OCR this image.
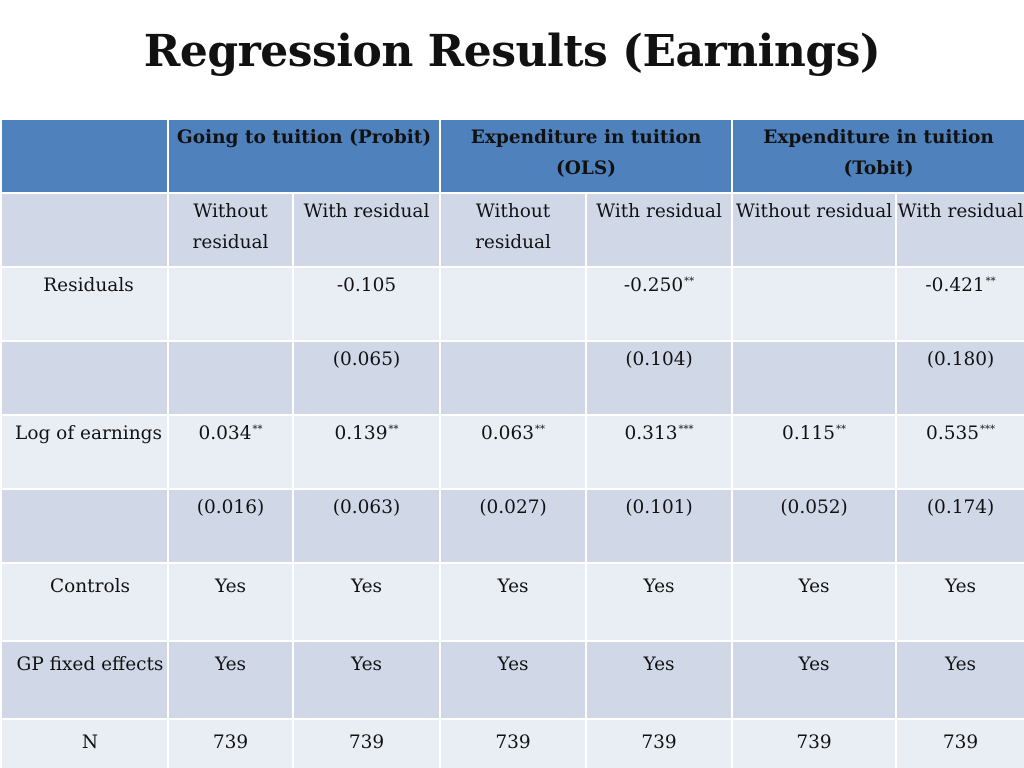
Regression Results (Earnings)
	Going to tuition (Probit)		Expenditure in tuition (OLS)		Expenditure in tuition (Tobit)	
	Without residual	With residual	Without residual	With residual	Without residual	With residual
Residuals		-0.105		-0.250**		-0.421**
		(0.065)		(0.104)		(0.180)
Log of earnings	0.034**	0.139**	0.063**	0.313***	0.115**	0.535***
	(0.016)	(0.063)	(0.027)	(0.101)	(0.052)	(0.174)
Controls	Yes	Yes	Yes	Yes	Yes	Yes
GP fixed effects	Yes	Yes	Yes	Yes	Yes	Yes
N	739	739	739	739	739	739
